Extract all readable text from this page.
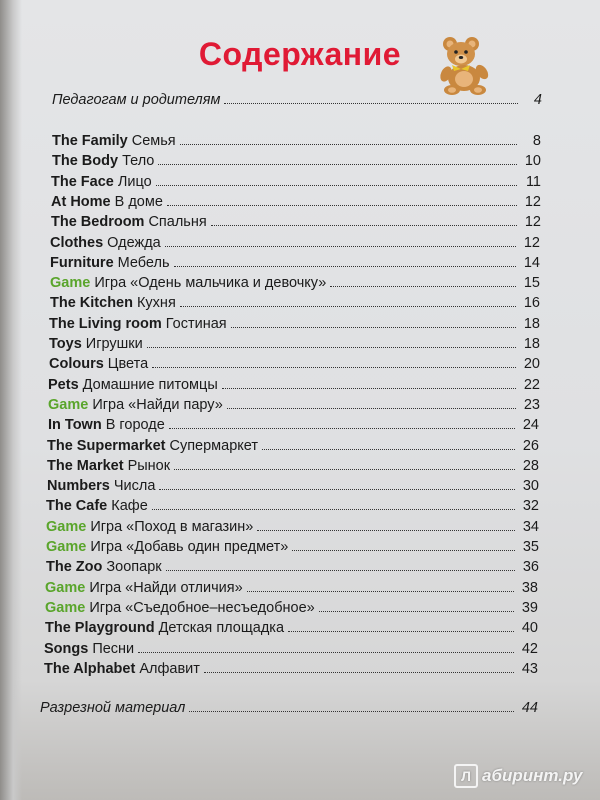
Содержание
Педагогам и родителям	4
The Family Семья	8
The Body Тело	10
The Face Лицо	11
At Home В доме	12
The Bedroom Спальня	12
Clothes Одежда	12
Furniture Мебель	14
Game Игра «Одень мальчика и девочку»	15
The Kitchen Кухня	16
The Living room Гостиная	18
Toys Игрушки	18
Colours Цвета	20
Pets Домашние питомцы	22
Game Игра «Найди пару»	23
In Town В городе	24
The Supermarket Супермаркет	26
The Market Рынок	28
Numbers Числа	30
The Cafe Кафе	32
Game Игра «Поход в магазин»	34
Game Игра «Добавь один предмет»	35
The Zoo Зоопарк	36
Game Игра «Найди отличия»	38
Game Игра «Съедобное–несъедобное»	39
The Playground Детская площадка	40
Songs Песни	42
The Alphabet Алфавит	43
Разрезной материал	44
Л абиринт.ру
